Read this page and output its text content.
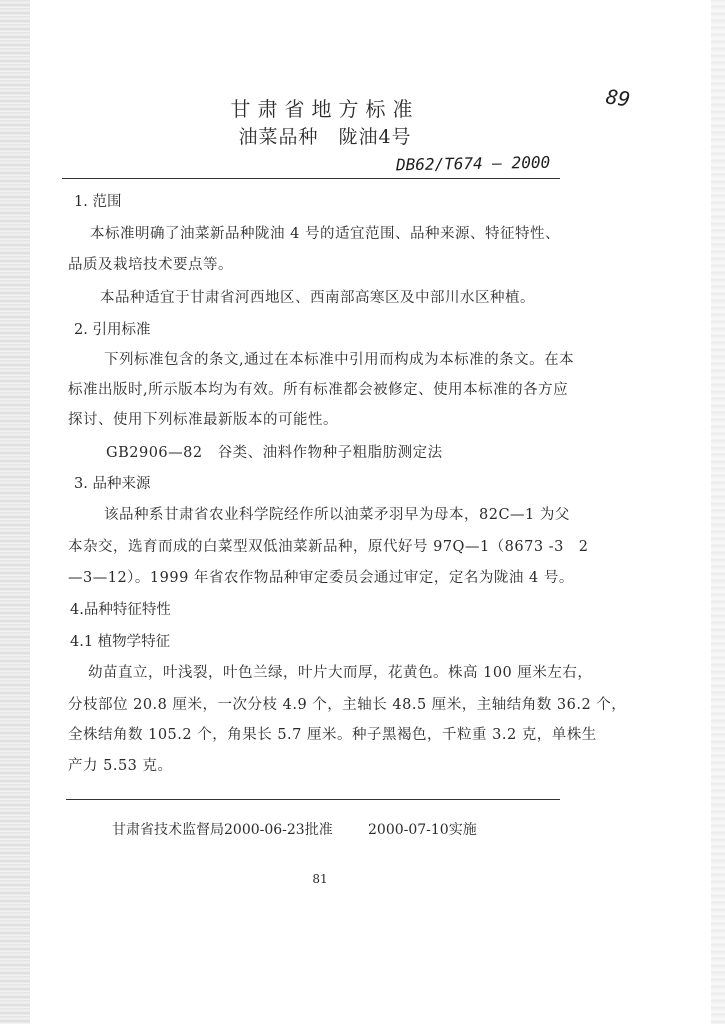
89
甘肃省地方标准
油菜品种　陇油4号
DB62/T674 — 2000
1. 范围
本标准明确了油菜新品种陇油 4 号的适宜范围、品种来源、特征特性、
品质及栽培技术要点等。
本品种适宜于甘肃省河西地区、西南部高寒区及中部川水区种植。
2. 引用标准
下列标准包含的条文,通过在本标准中引用而构成为本标准的条文。在本
标准出版时,所示版本均为有效。所有标准都会被修定、使用本标准的各方应
探讨、使用下列标准最新版本的可能性。
GB2906—82　谷类、油料作物种子粗脂肪测定法
3. 品种来源
该品种系甘肃省农业科学院经作所以油菜矛羽早为母本，82C—1 为父
本杂交，选育而成的白菜型双低油菜新品种，原代好号 97Q—1（8673 -3　2
—3—12）。1999 年省农作物品种审定委员会通过审定，定名为陇油 4 号。
4.品种特征特性
4.1 植物学特征
幼苗直立，叶浅裂，叶色兰绿，叶片大而厚，花黄色。株高 100 厘米左右，
分枝部位 20.8 厘米，一次分枝 4.9 个，主轴长 48.5 厘米，主轴结角数 36.2 个，
全株结角数 105.2 个，角果长 5.7 厘米。种子黑褐色，千粒重 3.2 克，单株生
产力 5.53 克。
甘肃省技术监督局2000-06-23批准	2000-07-10实施
81
